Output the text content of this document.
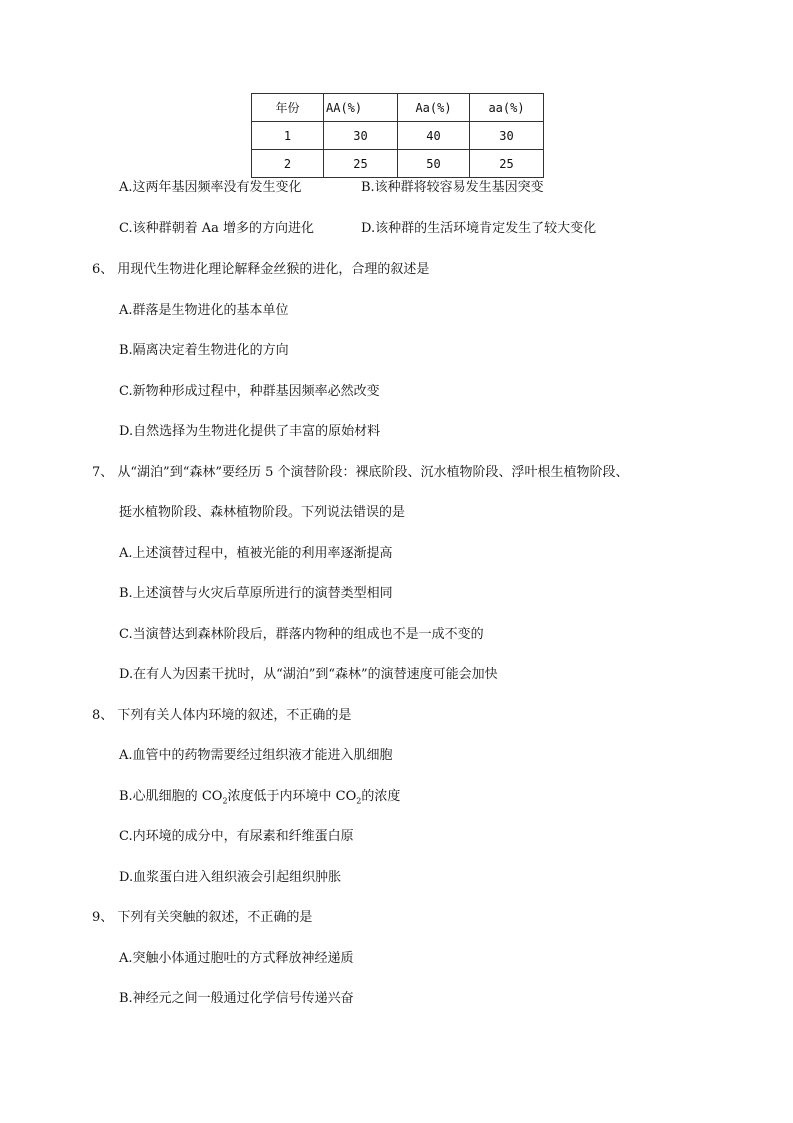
年份	AA(%)	Aa(%)	aa(%)
1	30	40	30
2	25	50	25
A.这两年基因频率没有发生变化	B.该种群将较容易发生基因突变
C.该种群朝着 Aa 增多的方向进化	D.该种群的生活环境肯定发生了较大变化
6、 用现代生物进化理论解释金丝猴的进化，合理的叙述是
A.群落是生物进化的基本单位
B.隔离决定着生物进化的方向
C.新物种形成过程中，种群基因频率必然改变
D.自然选择为生物进化提供了丰富的原始材料
7、 从“湖泊”到“森林”要经历 5 个演替阶段：裸底阶段、沉水植物阶段、浮叶根生植物阶段、
挺水植物阶段、森林植物阶段。下列说法错误的是
A.上述演替过程中，植被光能的利用率逐渐提高
B.上述演替与火灾后草原所进行的演替类型相同
C.当演替达到森林阶段后，群落内物种的组成也不是一成不变的
D.在有人为因素干扰时，从“湖泊”到“森林”的演替速度可能会加快
8、 下列有关人体内环境的叙述，不正确的是
A.血管中的药物需要经过组织液才能进入肌细胞
B.心肌细胞的 $CO_2$浓度低于内环境中 $CO_2$的浓度
C.内环境的成分中，有尿素和纤维蛋白原
D.血浆蛋白进入组织液会引起组织肿胀
9、 下列有关突触的叙述，不正确的是
A.突触小体通过胞吐的方式释放神经递质
B.神经元之间一般通过化学信号传递兴奋
